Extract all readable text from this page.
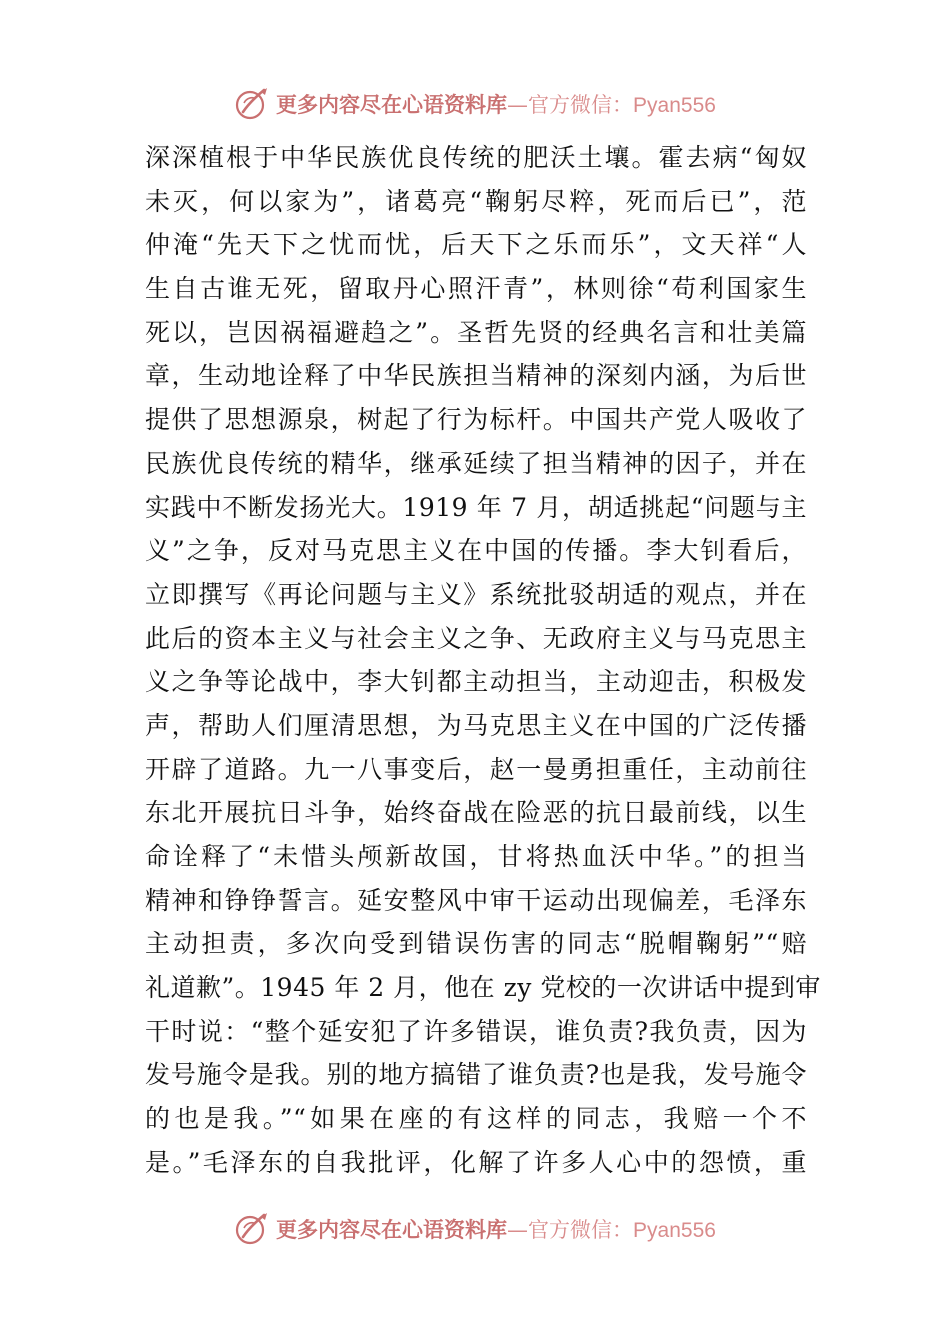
更多内容尽在心语资料库—官方微信：Pyan556
深深植根于中华民族优良传统的肥沃土壤。霍去病“匈奴
未灭，何以家为”，诸葛亮“鞠躬尽粹，死而后已”，范
仲淹“先天下之忧而忧，后天下之乐而乐”，文天祥“人
生自古谁无死，留取丹心照汗青”，林则徐“苟利国家生
死以，岂因祸福避趋之”。圣哲先贤的经典名言和壮美篇
章，生动地诠释了中华民族担当精神的深刻内涵，为后世
提供了思想源泉，树起了行为标杆。中国共产党人吸收了
民族优良传统的精华，继承延续了担当精神的因子，并在
实践中不断发扬光大。1919 年 7 月，胡适挑起“问题与主
义”之争，反对马克思主义在中国的传播。李大钊看后，
立即撰写《再论问题与主义》系统批驳胡适的观点，并在
此后的资本主义与社会主义之争、无政府主义与马克思主
义之争等论战中，李大钊都主动担当，主动迎击，积极发
声，帮助人们厘清思想，为马克思主义在中国的广泛传播
开辟了道路。九一八事变后，赵一曼勇担重任，主动前往
东北开展抗日斗争，始终奋战在险恶的抗日最前线，以生
命诠释了“未惜头颅新故国，甘将热血沃中华。”的担当
精神和铮铮誓言。延安整风中审干运动出现偏差，毛泽东
主动担责，多次向受到错误伤害的同志“脱帽鞠躬”“赔
礼道歉”。1945 年 2 月，他在 zy 党校的一次讲话中提到审
干时说：“整个延安犯了许多错误，谁负责?我负责，因为
发号施令是我。别的地方搞错了谁负责?也是我，发号施令
的也是我。”“如果在座的有这样的同志，我赔一个不
是。”毛泽东的自我批评，化解了许多人心中的怨愤，重
更多内容尽在心语资料库—官方微信：Pyan556
